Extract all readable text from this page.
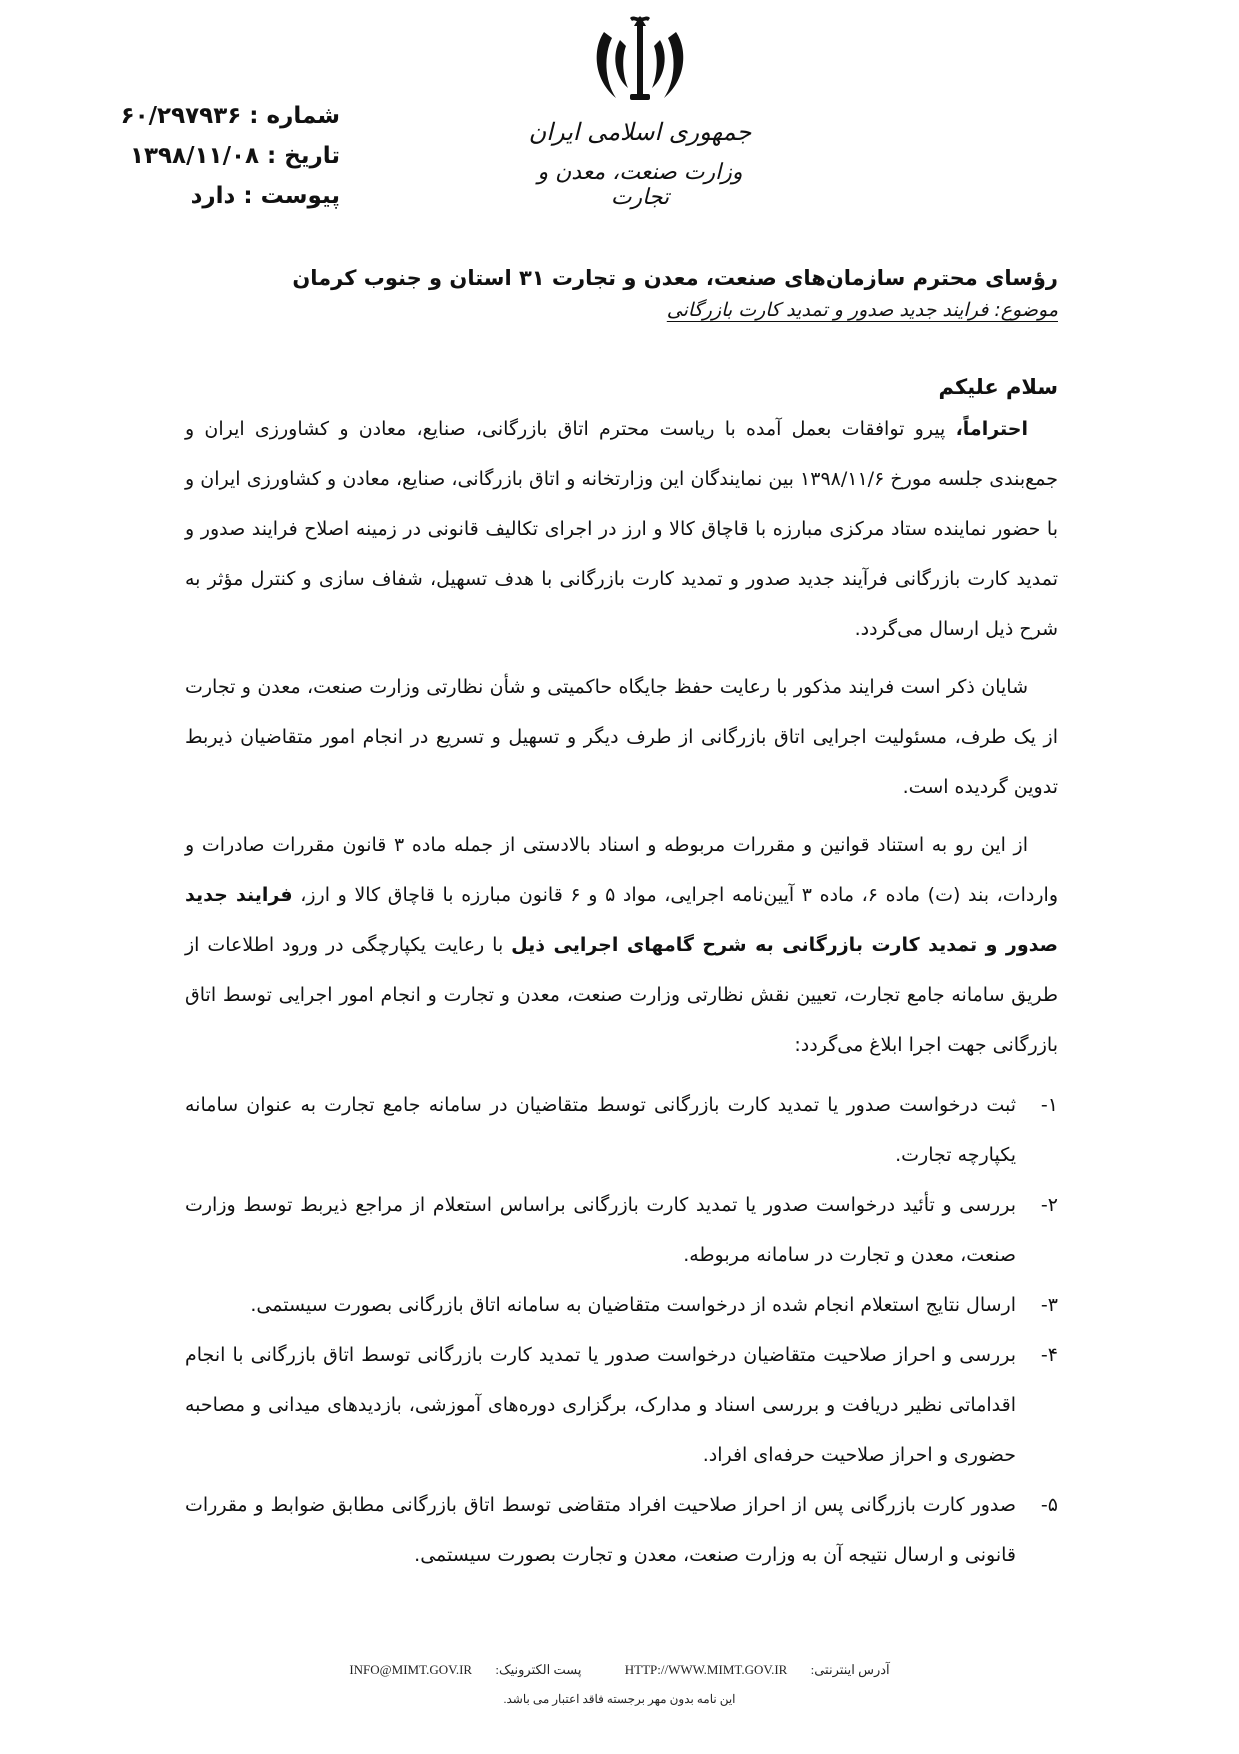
شماره :
۶۰/۲۹۷۹۳۶
تاریخ :
۱۳۹۸/۱۱/۰۸
پیوست :
دارد
جمهوری اسلامی ایران
وزارت صنعت، معدن و تجارت
رؤسای محترم سازمان‌های صنعت، معدن و تجارت ۳۱ استان و جنوب کرمان
موضوع: فرایند جدید صدور و تمدید کارت بازرگانی
سلام علیکم

احتراماً، پیرو توافقات بعمل آمده با ریاست محترم اتاق بازرگانی، صنایع، معادن و کشاورزی ایران و جمع‌بندی جلسه مورخ ۱۳۹۸/۱۱/۶ بین نمایندگان این وزارتخانه و اتاق بازرگانی، صنایع، معادن و کشاورزی ایران و با حضور نماینده ستاد مرکزی مبارزه با قاچاق کالا و ارز در اجرای تکالیف قانونی در زمینه اصلاح فرایند صدور و تمدید کارت بازرگانی فرآیند جدید صدور و تمدید کارت بازرگانی با هدف تسهیل، شفاف سازی و کنترل مؤثر به شرح ذیل ارسال می‌گردد.

شایان ذکر است فرایند مذکور با رعایت حفظ جایگاه حاکمیتی و شأن نظارتی وزارت صنعت، معدن و تجارت از یک طرف، مسئولیت اجرایی اتاق بازرگانی از طرف دیگر و تسهیل و تسریع در انجام امور متقاضیان ذیربط تدوین گردیده است.

از این رو به استناد قوانین و مقررات مربوطه و اسناد بالادستی از جمله ماده ۳ قانون مقررات صادرات و واردات، بند (ت) ماده ۶، ماده ۳ آیین‌نامه اجرایی، مواد ۵ و ۶ قانون مبارزه با قاچاق کالا و ارز، فرایند جدید صدور و تمدید کارت بازرگانی به شرح گامهای اجرایی ذیل با رعایت یکپارچگی در ورود اطلاعات از طریق سامانه جامع تجارت، تعیین نقش نظارتی وزارت صنعت، معدن و تجارت و انجام امور اجرایی توسط اتاق بازرگانی جهت اجرا ابلاغ می‌گردد:

۱-
ثبت درخواست صدور یا تمدید کارت بازرگانی توسط متقاضیان در سامانه جامع تجارت به عنوان سامانه یکپارچه تجارت.
۲-
بررسی و تأئید درخواست صدور یا تمدید کارت بازرگانی براساس استعلام از مراجع ذیربط توسط وزارت صنعت، معدن و تجارت در سامانه مربوطه.
۳-
ارسال نتایج استعلام انجام شده از درخواست متقاضیان به سامانه اتاق بازرگانی بصورت سیستمی.
۴-
بررسی و احراز صلاحیت متقاضیان درخواست صدور یا تمدید کارت بازرگانی توسط اتاق بازرگانی با انجام اقداماتی نظیر دریافت و بررسی اسناد و مدارک، برگزاری دوره‌های آموزشی، بازدیدهای میدانی و مصاحبه حضوری و احراز صلاحیت حرفه‌ای افراد.
۵-
صدور کارت بازرگانی پس از احراز صلاحیت افراد متقاضی توسط اتاق بازرگانی مطابق ضوابط و مقررات قانونی و ارسال نتیجه آن به وزارت صنعت، معدن و تجارت بصورت سیستمی.
INFO@MIMT.GOV.IR پست الکترونیک:	HTTP://WWW.MIMT.GOV.IR آدرس اینترنتی:
این نامه بدون مهر برجسته فاقد اعتبار می باشد.
